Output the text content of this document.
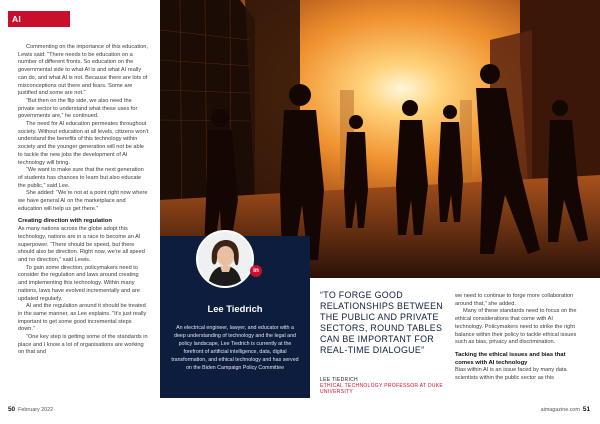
AI STRATEGY

Commenting on the importance of this education, Lewis said: “There needs to be education on a number of different fronts. So education on the governmental side to what AI is and what AI really can do, and what AI is not. Because there are lots of misconceptions out there and fears. Some are justified and some are not.”

“But then on the flip side, we also need the private sector to understand what these uses for governments are,” he continued.

The need for AI education permeates throughout society. Without education at all levels, citizens won’t understand the benefits of this technology within society and the younger generation will not be able to tackle the new jobs the development of AI technology will bring.

“We want to make sure that the next generation of students has chances to learn but also educate the public,” said Lee.

She added: “We’re not at a point right now where we have general AI on the marketplace and education will help us get there.”

Creating direction with regulation

As many nations across the globe adopt this technology, nations are in a race to become an AI superpower. “There should be speed, but there should also be direction. Right now, we’re all speed and no direction,” said Lewis.

To gain some direction, policymakers need to consider the regulation and laws around creating and implementing this technology. Within many nations, laws have evolved incrementally and are updated regularly.

AI and the regulation around it should be treated in the same manner, as Lee explains. “It’s just really important to get some good incremental steps down.”

“One key step is getting some of the standards in place and I know a lot of organisations are working on that and

in
Lee Tiedrich
An electrical engineer, lawyer, and educator with a deep understanding of technology and the legal and policy landscape, Lee Tiedrich is currently at the forefront of artificial intelligence, data, digital transformation, and ethical technology and has served on the Biden Campaign Policy Committee
“TO FORGE GOOD RELATIONSHIPS BETWEEN THE PUBLIC AND PRIVATE SECTORS, ROUND TABLES CAN BE IMPORTANT FOR REAL-TIME DIALOGUE”
LEE TIEDRICH
ETHICAL TECHNOLOGY PROFESSOR AT DUKE UNIVERSITY

we need to continue to forge more collaboration around that,” she added.

Many of these standards need to focus on the ethical considerations that come with AI technology. Policymakers need to strike the right balance within their policy to tackle ethical issues such as bias, privacy and discrimination.

Tacking the ethical issues and bias that comes with AI technology

Bias within AI is an issue faced by many data scientists within the public sector as this

50 February 2022	aimagazine.com 51
